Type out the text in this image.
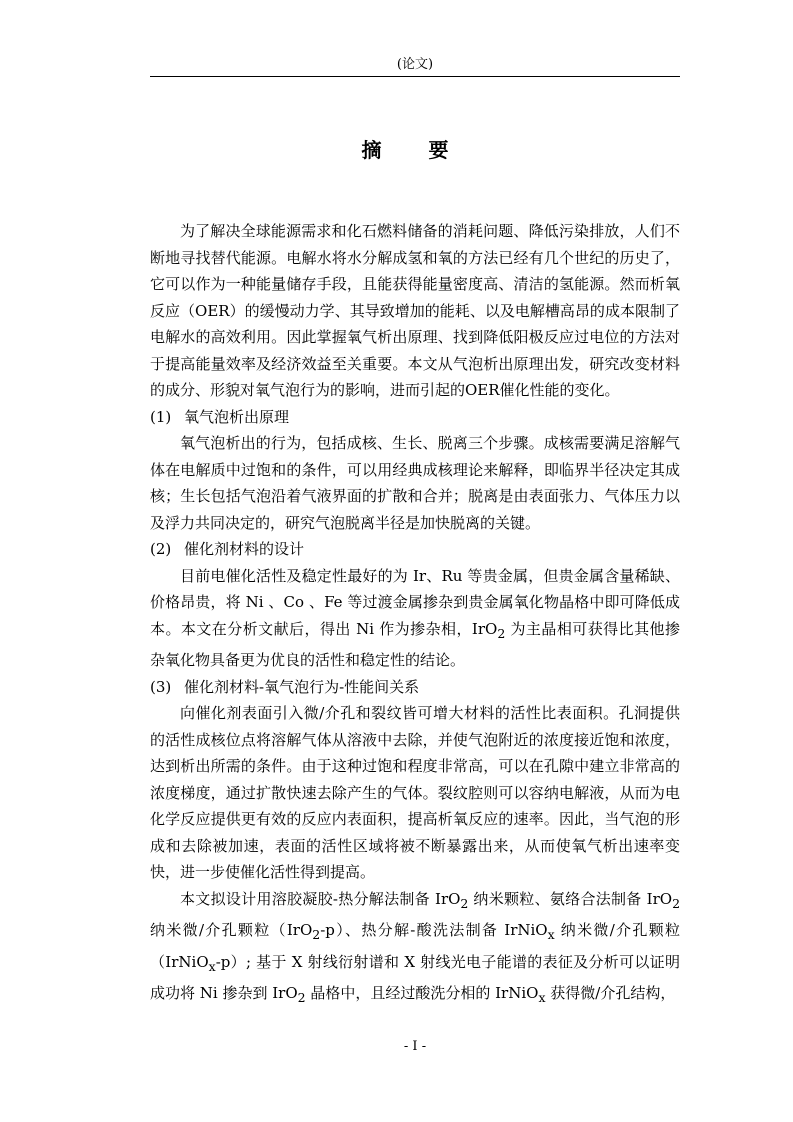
(论文)
摘 要

为了解决全球能源需求和化石燃料储备的消耗问题、降低污染排放，人们不断地寻找替代能源。电解水将水分解成氢和氧的方法已经有几个世纪的历史了，它可以作为一种能量储存手段，且能获得能量密度高、清洁的氢能源。然而析氧反应（OER）的缓慢动力学、其导致增加的能耗、以及电解槽高昂的成本限制了电解水的高效利用。因此掌握氧气析出原理、找到降低阳极反应过电位的方法对于提高能量效率及经济效益至关重要。本文从气泡析出原理出发，研究改变材料的成分、形貌对氧气泡行为的影响，进而引起的OER催化性能的变化。

(1) 氧气泡析出原理

氧气泡析出的行为，包括成核、生长、脱离三个步骤。成核需要满足溶解气体在电解质中过饱和的条件，可以用经典成核理论来解释，即临界半径决定其成核；生长包括气泡沿着气液界面的扩散和合并；脱离是由表面张力、气体压力以及浮力共同决定的，研究气泡脱离半径是加快脱离的关键。

(2) 催化剂材料的设计

目前电催化活性及稳定性最好的为 Ir、Ru 等贵金属，但贵金属含量稀缺、价格昂贵，将 Ni 、Co 、Fe 等过渡金属掺杂到贵金属氧化物晶格中即可降低成本。本文在分析文献后，得出 Ni 作为掺杂相，IrO$_2$ 为主晶相可获得比其他掺杂氧化物具备更为优良的活性和稳定性的结论。

(3) 催化剂材料-氧气泡行为-性能间关系

向催化剂表面引入微/介孔和裂纹皆可增大材料的活性比表面积。孔洞提供的活性成核位点将溶解气体从溶液中去除，并使气泡附近的浓度接近饱和浓度，达到析出所需的条件。由于这种过饱和程度非常高，可以在孔隙中建立非常高的浓度梯度，通过扩散快速去除产生的气体。裂纹腔则可以容纳电解液，从而为电化学反应提供更有效的反应内表面积，提高析氧反应的速率。因此，当气泡的形成和去除被加速，表面的活性区域将被不断暴露出来，从而使氧气析出速率变快，进一步使催化活性得到提高。

本文拟设计用溶胶凝胶-热分解法制备 IrO$_2$ 纳米颗粒、氨络合法制备 IrO$_2$ 纳米微/介孔颗粒（IrO$_2$-p）、热分解-酸洗法制备 IrNiO$_x$ 纳米微/介孔颗粒（IrNiO$_x$-p）; 基于 X 射线衍射谱和 X 射线光电子能谱的表征及分析可以证明成功将 Ni 掺杂到 IrO$_2$ 晶格中，且经过酸洗分相的 IrNiO$_x$ 获得微/介孔结构，

- I -
